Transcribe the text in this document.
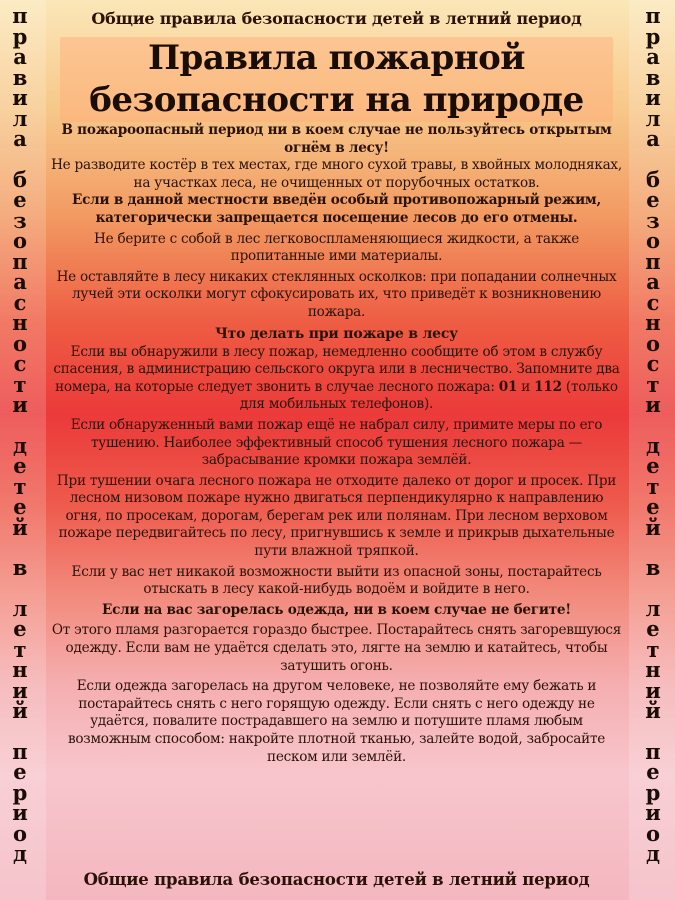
п
р
а
в
и
л
а
б
е
з
о
п
а
с
н
о
с
т
и
д
е
т
е
й
в
л
е
т
н
и
й
п
е
р
и
о
д
п
р
а
в
и
л
а
б
е
з
о
п
а
с
н
о
с
т
и
д
е
т
е
й
в
л
е
т
н
и
й
п
е
р
и
о
д
Общие правила безопасности детей в летний период
Правила пожарной
безопасности на природе

В пожароопасный период ни в коем случае не пользуйтесь открытым огнём в лесу!

Не разводите костёр в тех местах, где много сухой травы, в хвойных молодняках, на участках леса, не очищенных от порубочных остатков.

Если в данной местности введён особый противопожарный режим, категорически запрещается посещение лесов до его отмены.

Не берите с собой в лес легковоспламеняющиеся жидкости, а также пропитанные ими материалы.

Не оставляйте в лесу никаких стеклянных осколков: при попадании солнечных лучей эти осколки могут сфокусировать их, что приведёт к возникновению пожара.

Что делать при пожаре в лесу

Если вы обнаружили в лесу пожар, немедленно сообщите об этом в службу спасения, в администрацию сельского округа или в лесничество. Запомните два номера, на которые следует звонить в случае лесного пожара: 01 и 112 (только для мобильных телефонов).

Если обнаруженный вами пожар ещё не набрал силу, примите меры по его тушению. Наиболее эффективный способ тушения лесного пожара — забрасывание кромки пожара землёй.

При тушении очага лесного пожара не отходите далеко от дорог и просек. При лесном низовом пожаре нужно двигаться перпендикулярно к направлению огня, по просекам, дорогам, берегам рек или полянам. При лесном верховом пожаре передвигайтесь по лесу, пригнувшись к земле и прикрыв дыхательные пути влажной тряпкой.

Если у вас нет никакой возможности выйти из опасной зоны, постарайтесь отыскать в лесу какой-нибудь водоём и войдите в него.

Если на вас загорелась одежда, ни в коем случае не бегите!

От этого пламя разгорается гораздо быстрее. Постарайтесь снять загоревшуюся одежду. Если вам не удаётся сделать это, лягте на землю и катайтесь, чтобы затушить огонь.

Если одежда загорелась на другом человеке, не позволяйте ему бежать и постарайтесь снять с него горящую одежду. Если снять с него одежду не удаётся, повалите пострадавшего на землю и потушите пламя любым возможным способом: накройте плотной тканью, залейте водой, забросайте песком или землёй.

Общие правила безопасности детей в летний период
